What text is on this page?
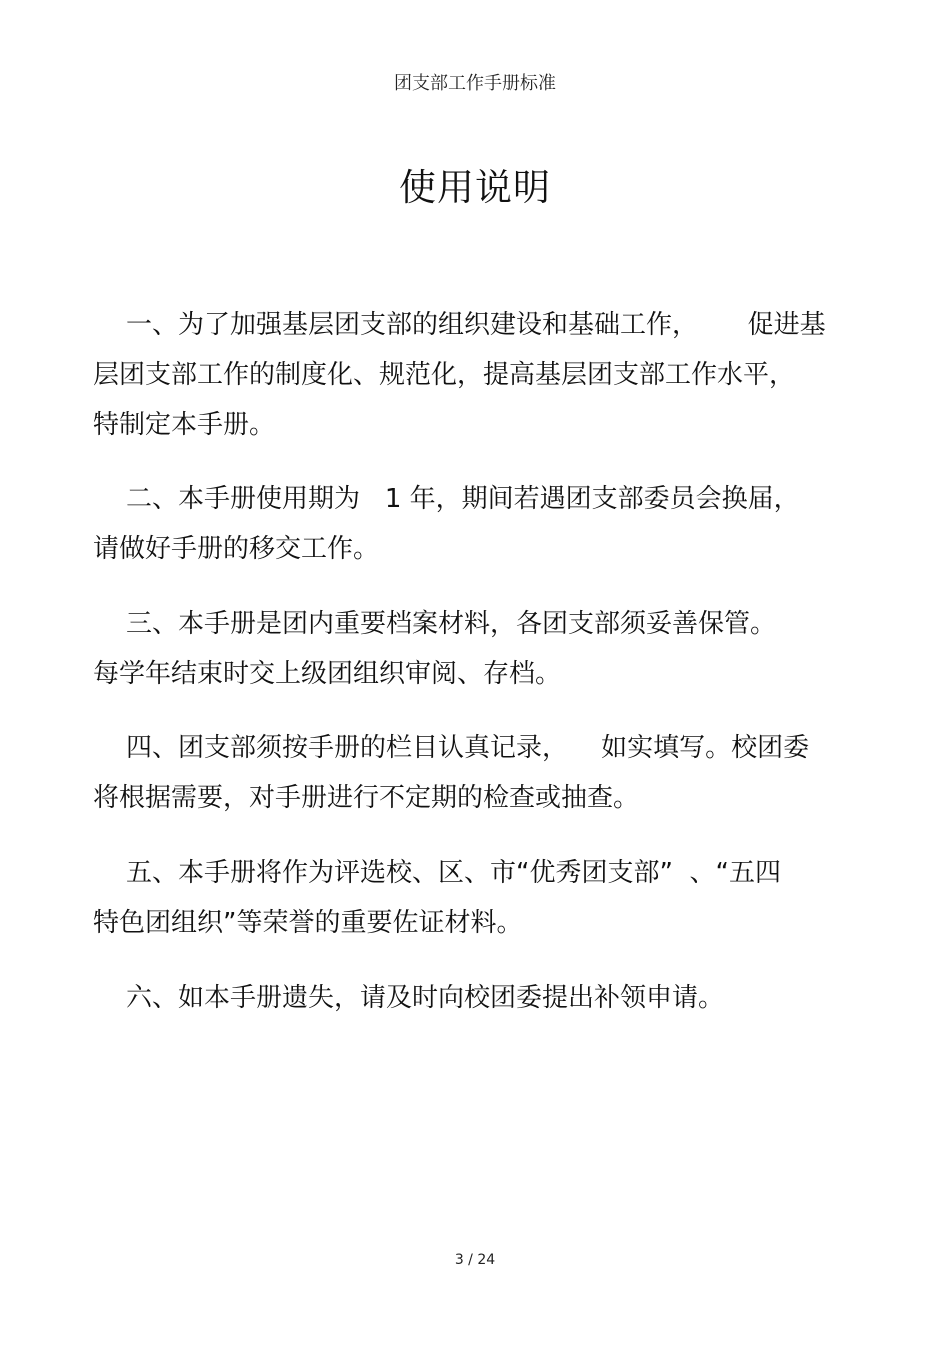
团支部工作手册标准
使用说明
一、为了加强基层团支部的组织建设和基础工作，      促进基
层团支部工作的制度化、规范化，提高基层团支部工作水平，
特制定本手册。
二、本手册使用期为   1 年，期间若遇团支部委员会换届，
请做好手册的移交工作。
三、本手册是团内重要档案材料，各团支部须妥善保管。
每学年结束时交上级团组织审阅、存档。
四、团支部须按手册的栏目认真记录，    如实填写。校团委
将根据需要，对手册进行不定期的检查或抽查。
五、本手册将作为评选校、区、市“优秀团支部”  、“五四
特色团组织”等荣誉的重要佐证材料。
六、如本手册遗失，请及时向校团委提出补领申请。
3 / 24
